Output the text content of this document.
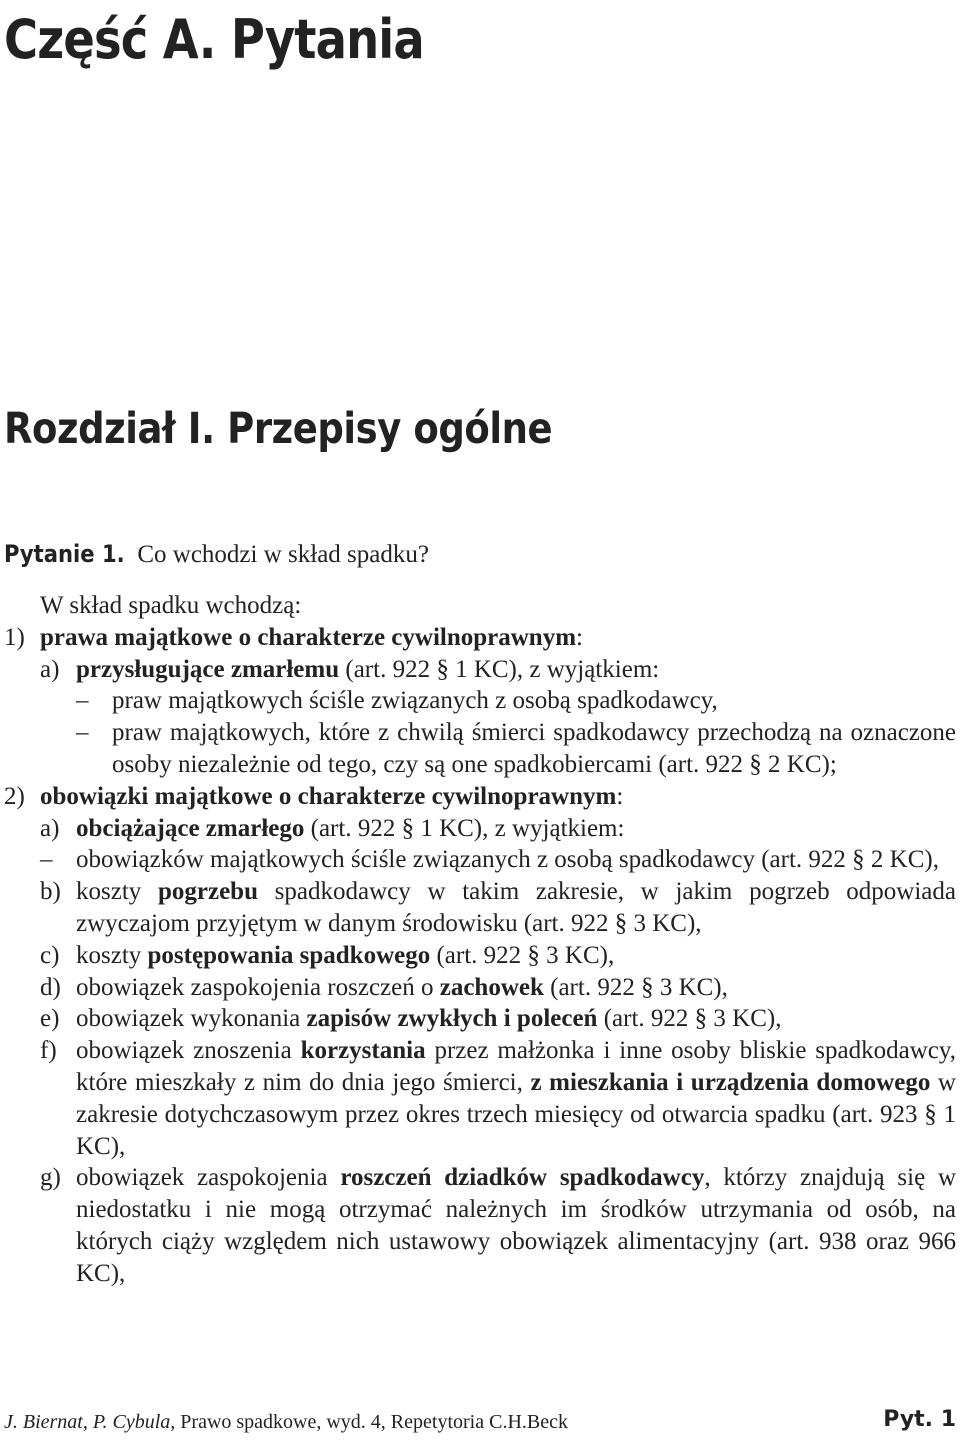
Część A. Pytania
Rozdział I. Przepisy ogólne
Pytanie 1. Co wchodzi w skład spadku?
W skład spadku wchodzą:
1) prawa majątkowe o charakterze cywilnoprawnym:
a) przysługujące zmarłemu (art. 922 § 1 KC), z wyjątkiem:
– praw majątkowych ściśle związanych z osobą spadkodawcy,
– praw majątkowych, które z chwilą śmierci spadkodawcy przechodzą na oznaczone osoby niezależnie od tego, czy są one spadkobiercami (art. 922 § 2 KC);
2) obowiązki majątkowe o charakterze cywilnoprawnym:
a) obciążające zmarłego (art. 922 § 1 KC), z wyjątkiem:
– obowiązków majątkowych ściśle związanych z osobą spadkodawcy (art. 922 § 2 KC),
b) koszty pogrzebu spadkodawcy w takim zakresie, w jakim pogrzeb odpowiada zwyczajom przyjętym w danym środowisku (art. 922 § 3 KC),
c) koszty postępowania spadkowego (art. 922 § 3 KC),
d) obowiązek zaspokojenia roszczeń o zachowek (art. 922 § 3 KC),
e) obowiązek wykonania zapisów zwykłych i poleceń (art. 922 § 3 KC),
f) obowiązek znoszenia korzystania przez małżonka i inne osoby bliskie spadkodawcy, które mieszkały z nim do dnia jego śmierci, z mieszkania i urządzenia domowego w zakresie dotychczasowym przez okres trzech miesięcy od otwarcia spadku (art. 923 § 1 KC),
g) obowiązek zaspokojenia roszczeń dziadków spadkodawcy, którzy znajdują się w niedostatku i nie mogą otrzymać należnych im środków utrzymania od osób, na których ciąży względem nich ustawowy obowiązek alimentacyjny (art. 938 oraz 966 KC),
J. Biernat, P. Cybula, Prawo spadkowe, wyd. 4, Repetytoria C.H.Beck	Pyt. 1
